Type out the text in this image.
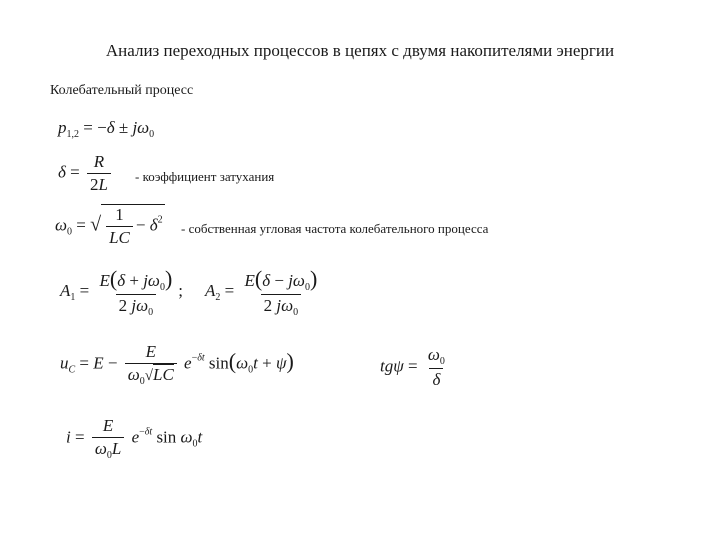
Анализ переходных процессов в цепях с двумя накопителями энергии
Колебательный процесс
$p_{1,2} = -\delta \pm j\omega_0$
$\delta = \frac{R}{2L}$ - коэффициент затухания
$\omega_0$ = √ $\frac{1}{LC} - \delta^2$
- собственная угловая частота колебательного процесса
$A_1 = \frac{E(\delta + j\omega_0)}{2 j\omega_0}$ ; $A_2 = \frac{E(\delta - j\omega_0)}{2 j\omega_0}$
$u_C = E - \frac{E}{\omega_0√LC} e^{-\delta t}$ $\sin(\omega_0t + \psi)$	$tg\psi = \frac{\omega_0}{\delta}$
$i = \frac{E}{\omega_0L} e^{-\delta t}$ $\sin \omega_0t$
